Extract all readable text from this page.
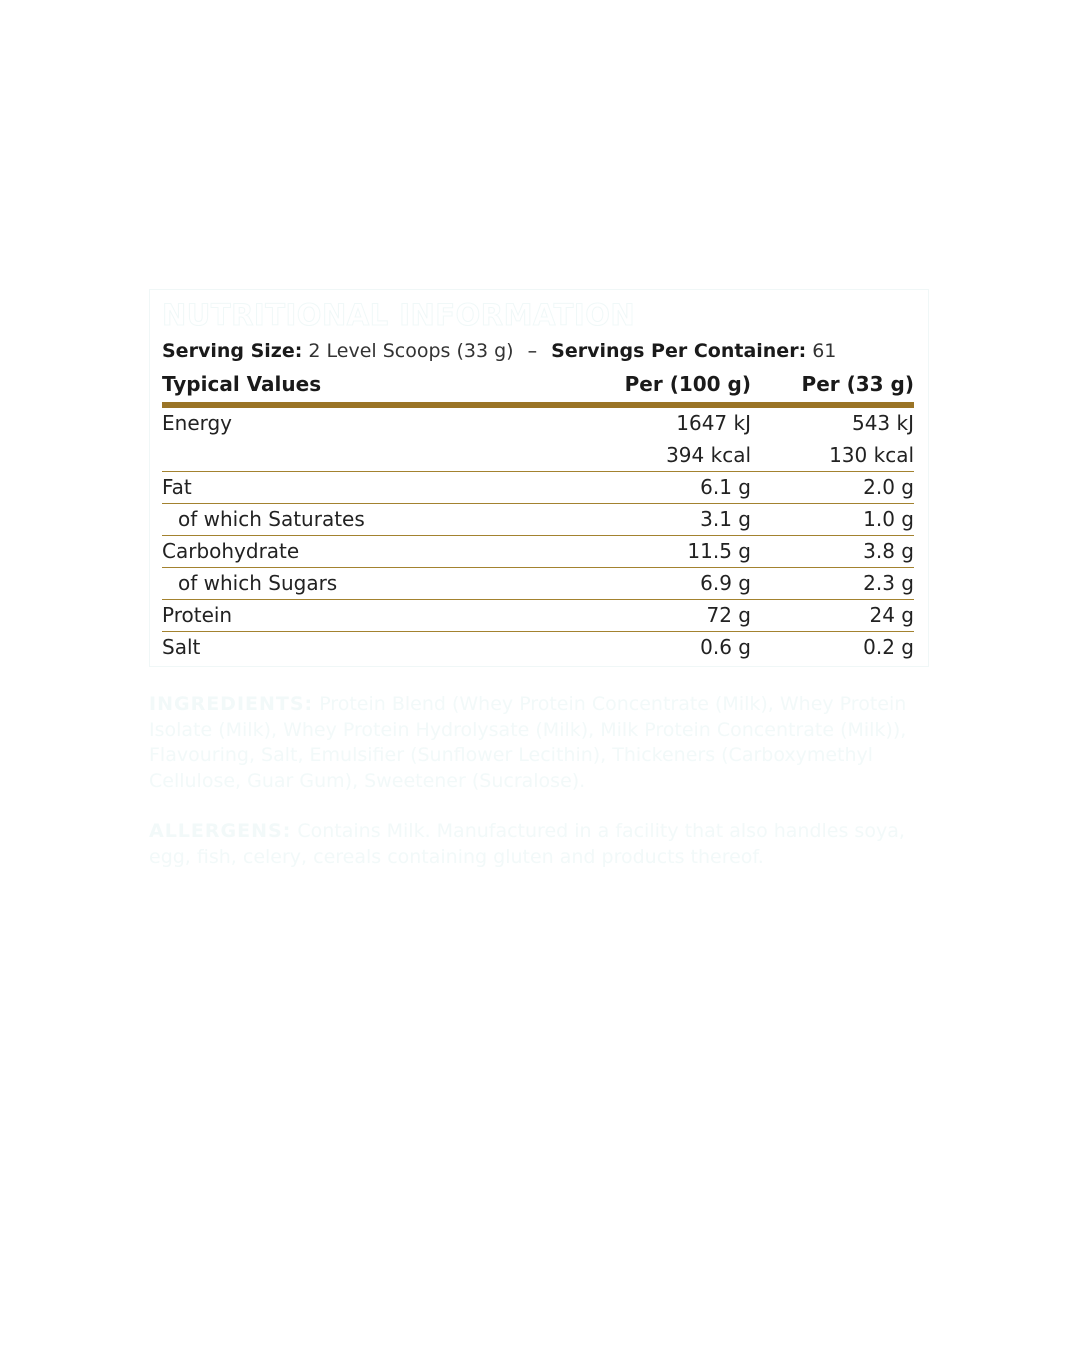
NUTRITIONAL INFORMATION
Serving Size: 2 Level Scoops (33 g) – Servings Per Container: 61
Typical Values	Per (100 g)	Per (33 g)
Energy	1647 kJ	543 kJ
394 kcal	130 kcal
Fat	6.1 g	2.0 g
of which Saturates	3.1 g	1.0 g
Carbohydrate	11.5 g	3.8 g
of which Sugars	6.9 g	2.3 g
Protein	72 g	24 g
Salt	0.6 g	0.2 g

INGREDIENTS: Protein Blend (Whey Protein Concentrate (Milk), Whey Protein Isolate (Milk), Whey Protein Hydrolysate (Milk), Milk Protein Concentrate (Milk)), Flavouring, Salt, Emulsifier (Sunflower Lecithin), Thickeners (Carboxymethyl Cellulose, Guar Gum), Sweetener (Sucralose).

ALLERGENS: Contains Milk. Manufactured in a facility that also handles soya, egg, fish, celery, cereals containing gluten and products thereof.
